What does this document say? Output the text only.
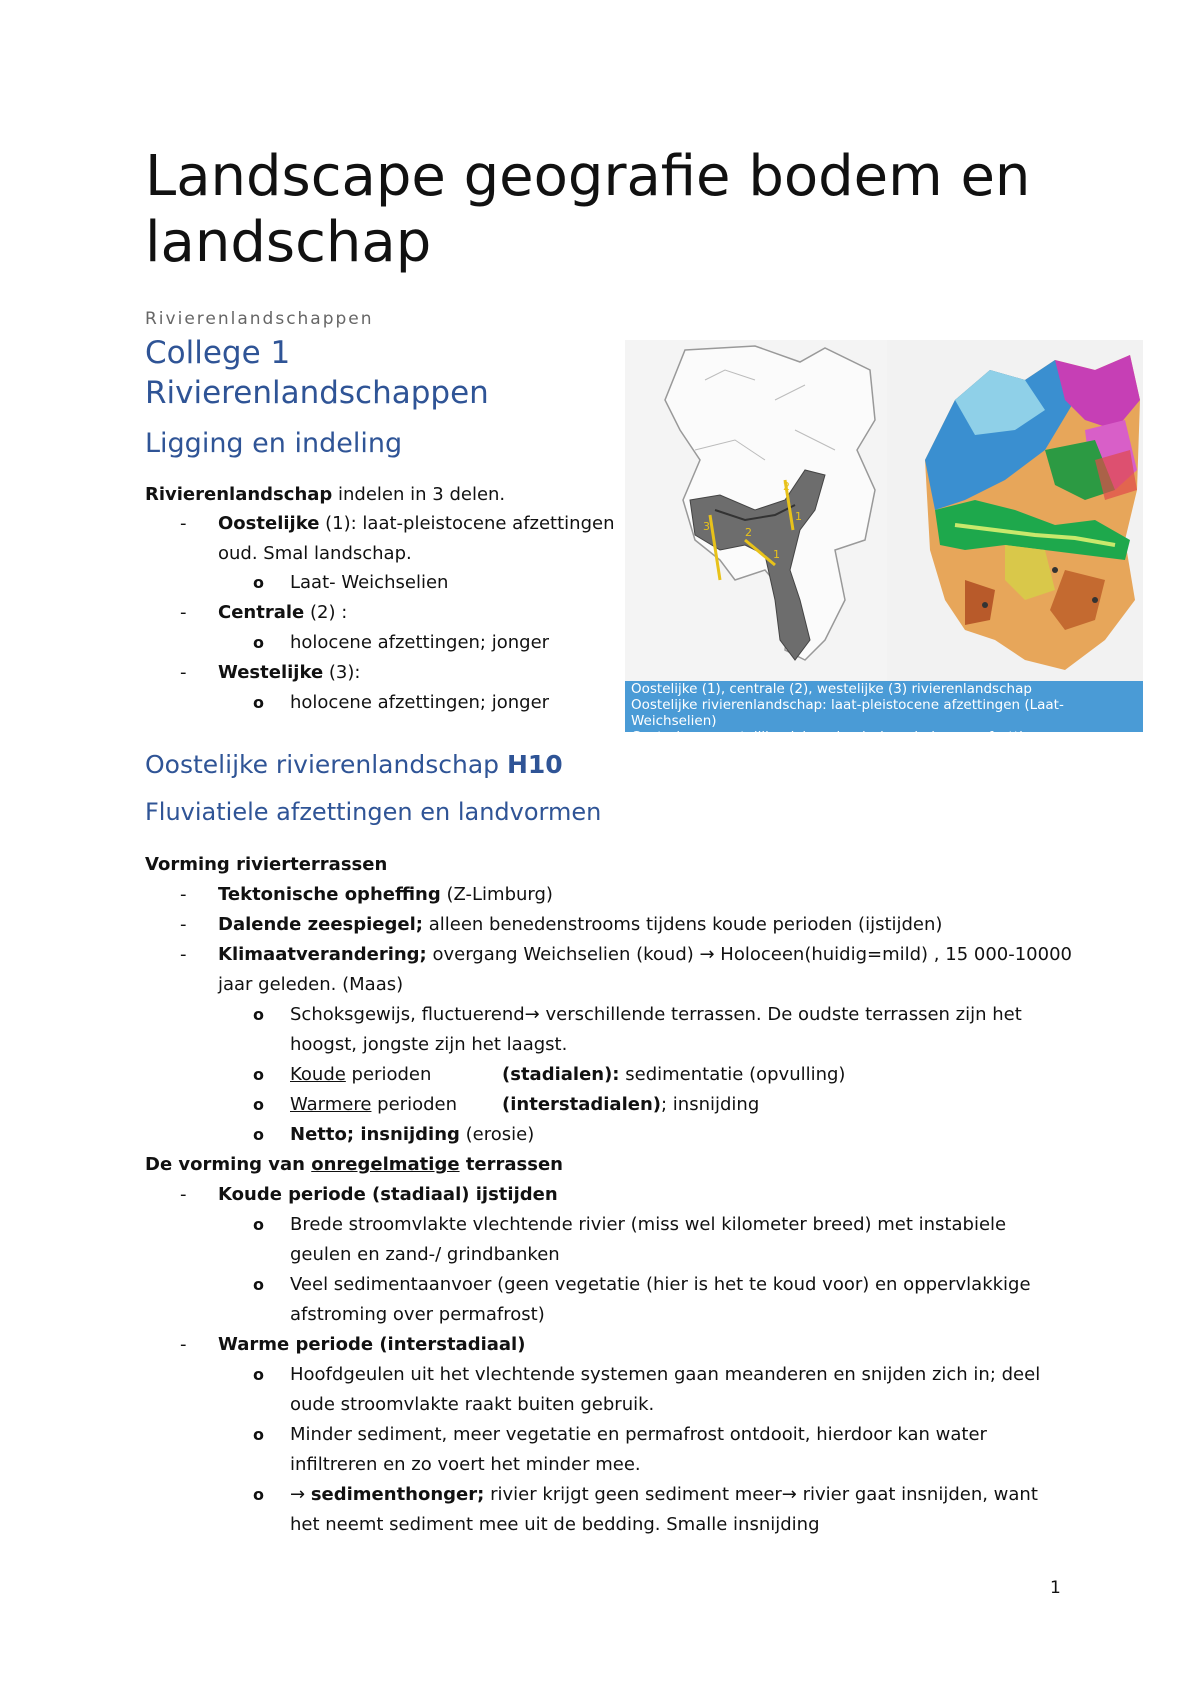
Landscape geografie bodem en landschap
Rivierenlandschappen
College 1
Rivierenlandschappen
Ligging en indeling
Rivierenlandschap indelen in 3 delen.
- Oostelijke (1): laat-pleistocene afzettingen
oud. Smal landschap.
o Laat- Weichselien
- Centrale (2) :
o holocene afzettingen; jonger
- Westelijke (3):
o holocene afzettingen; jonger
3	2
1
2
1
Oostelijke (1), centrale (2), westelijke (3) rivierenlandschap
Oostelijke rivierenlandschap: laat-pleistocene afzettingen (Laat-Weichselien)
Centrale en westelijke rivierenlandschap: holocene afzettingen
Oostelijke rivierenlandschap H10
Fluviatiele afzettingen en landvormen
Vorming rivierterrassen
- Tektonische opheffing (Z-Limburg)
- Dalende zeespiegel; alleen benedenstrooms tijdens koude perioden (ijstijden)
- Klimaatverandering; overgang Weichselien (koud) → Holoceen(huidig=mild) , 15 000-10000
jaar geleden. (Maas)
o Schoksgewijs, fluctuerend→ verschillende terrassen. De oudste terrassen zijn het
hoogst, jongste zijn het laagst.
o Koude perioden	(stadialen): sedimentatie (opvulling)
o Warmere perioden	(interstadialen); insnijding
o Netto; insnijding (erosie)
De vorming van onregelmatige terrassen
- Koude periode (stadiaal) ijstijden
o Brede stroomvlakte vlechtende rivier (miss wel kilometer breed) met instabiele
geulen en zand-/ grindbanken
o Veel sedimentaanvoer (geen vegetatie (hier is het te koud voor) en oppervlakkige
afstroming over permafrost)
- Warme periode (interstadiaal)
o Hoofdgeulen uit het vlechtende systemen gaan meanderen en snijden zich in; deel
oude stroomvlakte raakt buiten gebruik.
o Minder sediment, meer vegetatie en permafrost ontdooit, hierdoor kan water
infiltreren en zo voert het minder mee.
o → sedimenthonger; rivier krijgt geen sediment meer→ rivier gaat insnijden, want
het neemt sediment mee uit de bedding. Smalle insnijding
1
